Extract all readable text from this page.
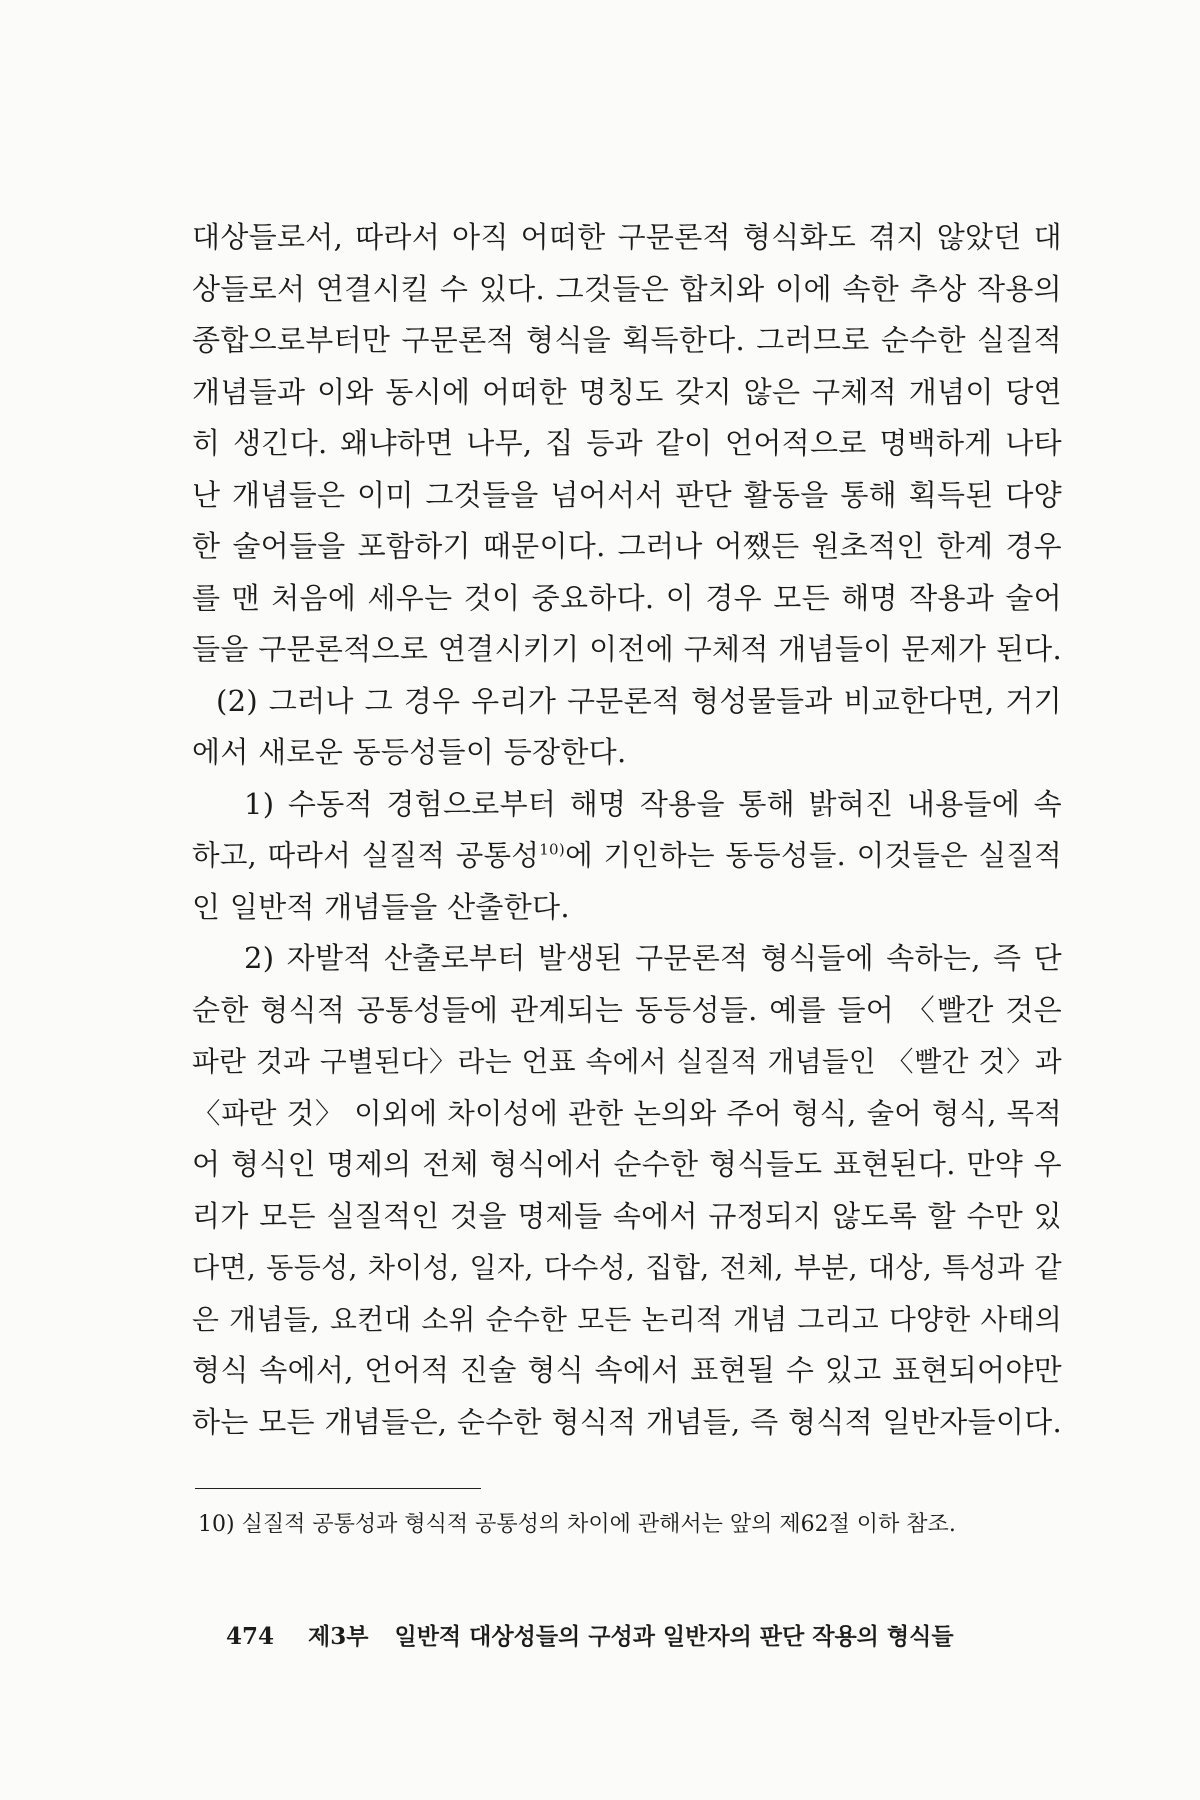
대상들로서, 따라서 아직 어떠한 구문론적 형식화도 겪지 않았던 대
상들로서 연결시킬 수 있다. 그것들은 합치와 이에 속한 추상 작용의
종합으로부터만 구문론적 형식을 획득한다. 그러므로 순수한 실질적
개념들과 이와 동시에 어떠한 명칭도 갖지 않은 구체적 개념이 당연
히 생긴다. 왜냐하면 나무, 집 등과 같이 언어적으로 명백하게 나타
난 개념들은 이미 그것들을 넘어서서 판단 활동을 통해 획득된 다양
한 술어들을 포함하기 때문이다. 그러나 어쨌든 원초적인 한계 경우
를 맨 처음에 세우는 것이 중요하다. 이 경우 모든 해명 작용과 술어
들을 구문론적으로 연결시키기 이전에 구체적 개념들이 문제가 된다.
(2) 그러나 그 경우 우리가 구문론적 형성물들과 비교한다면, 거기
에서 새로운 동등성들이 등장한다.
1) 수동적 경험으로부터 해명 작용을 통해 밝혀진 내용들에 속
하고, 따라서 실질적 공통성$^{10)}$에 기인하는 동등성들. 이것들은 실질적
인 일반적 개념들을 산출한다.
2) 자발적 산출로부터 발생된 구문론적 형식들에 속하는, 즉 단
순한 형식적 공통성들에 관계되는 동등성들. 예를 들어 〈빨간 것은
파란 것과 구별된다〉라는 언표 속에서 실질적 개념들인 〈빨간 것〉과
〈파란 것〉 이외에 차이성에 관한 논의와 주어 형식, 술어 형식, 목적
어 형식인 명제의 전체 형식에서 순수한 형식들도 표현된다. 만약 우
리가 모든 실질적인 것을 명제들 속에서 규정되지 않도록 할 수만 있
다면, 동등성, 차이성, 일자, 다수성, 집합, 전체, 부분, 대상, 특성과 같
은 개념들, 요컨대 소위 순수한 모든 논리적 개념 그리고 다양한 사태의
형식 속에서, 언어적 진술 형식 속에서 표현될 수 있고 표현되어야만
하는 모든 개념들은, 순수한 형식적 개념들, 즉 형식적 일반자들이다.
10) 실질적 공통성과 형식적 공통성의 차이에 관해서는 앞의 제62절 이하 참조.
474 제3부 일반적 대상성들의 구성과 일반자의 판단 작용의 형식들
